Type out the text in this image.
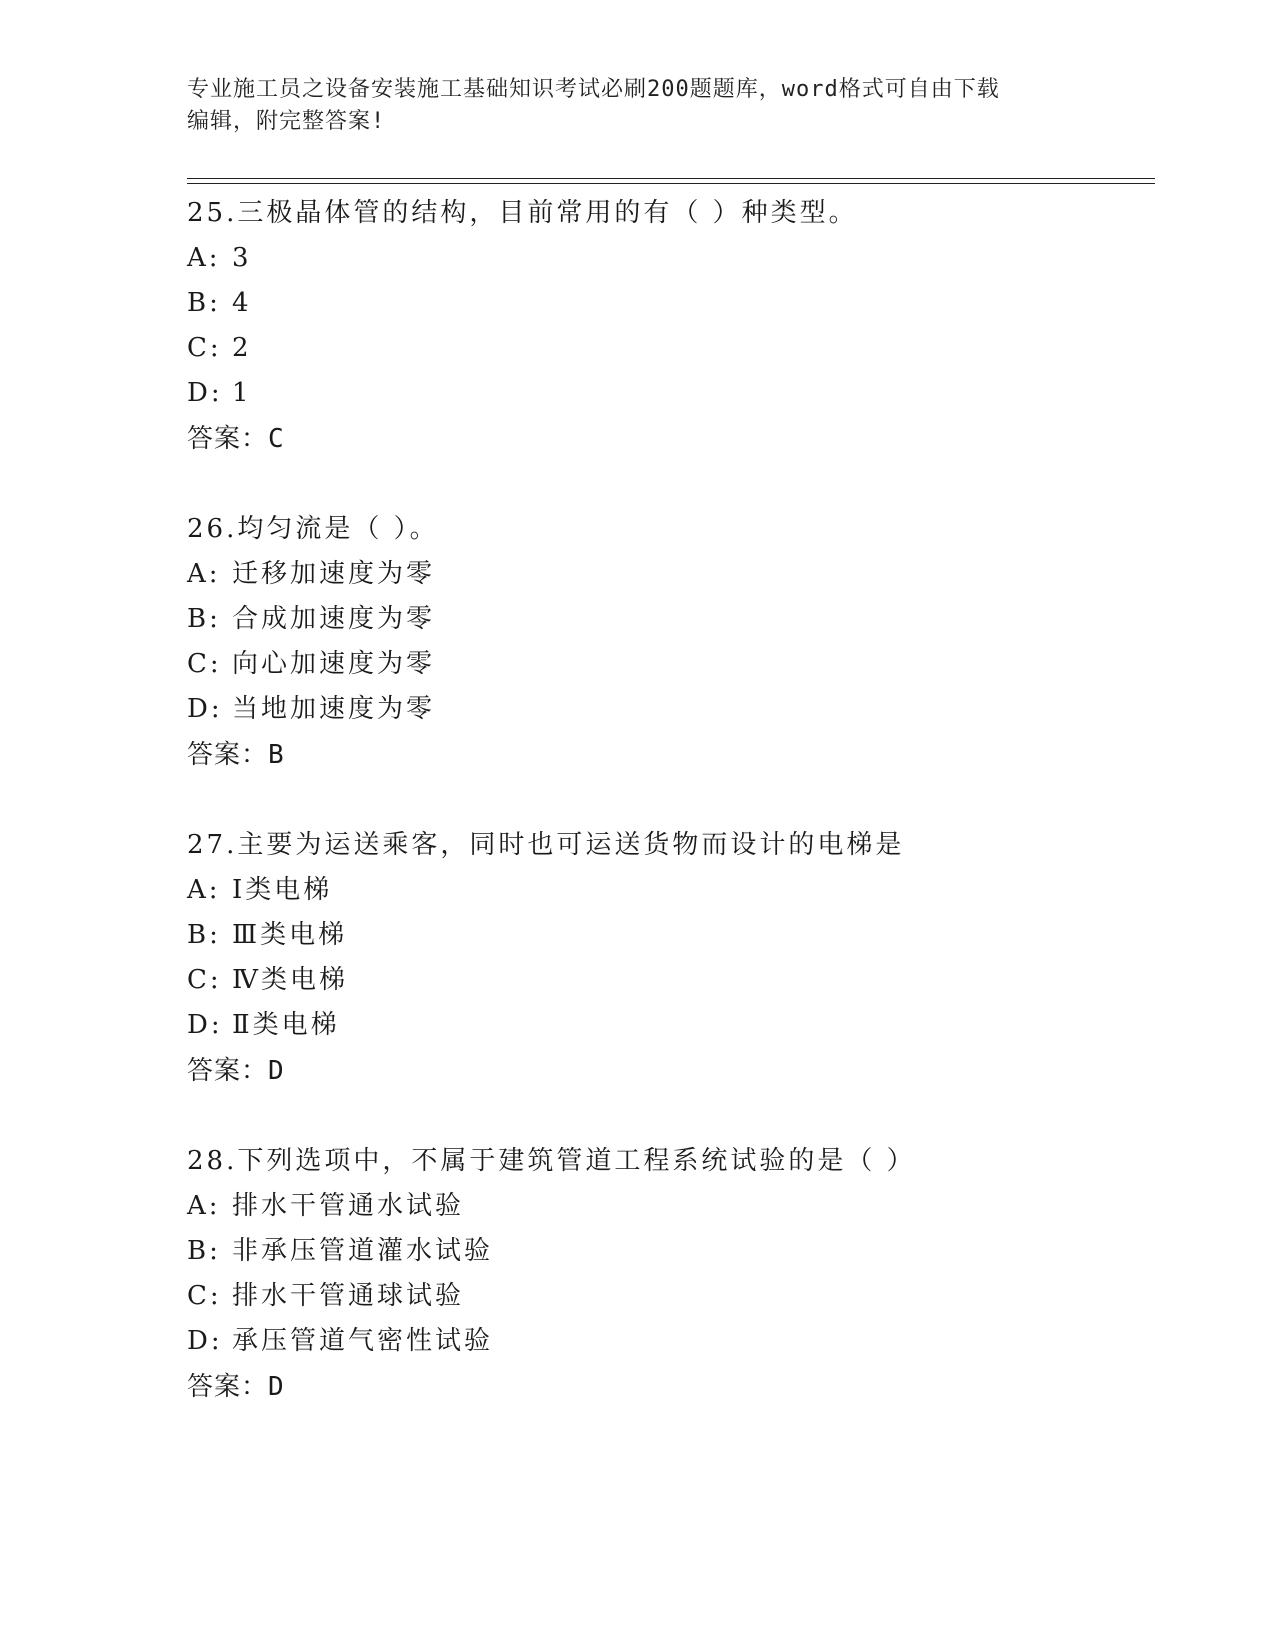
专业施工员之设备安装施工基础知识考试必刷200题题库，word格式可自由下载
编辑，附完整答案!
25.三极晶体管的结构，目前常用的有（ ）种类型。
A: 3
B: 4
C: 2
D: 1
答案：C
26.均匀流是（ ）。
A: 迁移加速度为零
B: 合成加速度为零
C: 向心加速度为零
D: 当地加速度为零
答案：B
27.主要为运送乘客，同时也可运送货物而设计的电梯是
A: Ⅰ类电梯
B: Ⅲ类电梯
C: Ⅳ类电梯
D: Ⅱ类电梯
答案：D
28.下列选项中，不属于建筑管道工程系统试验的是（ ）
A: 排水干管通水试验
B: 非承压管道灌水试验
C: 排水干管通球试验
D: 承压管道气密性试验
答案：D
